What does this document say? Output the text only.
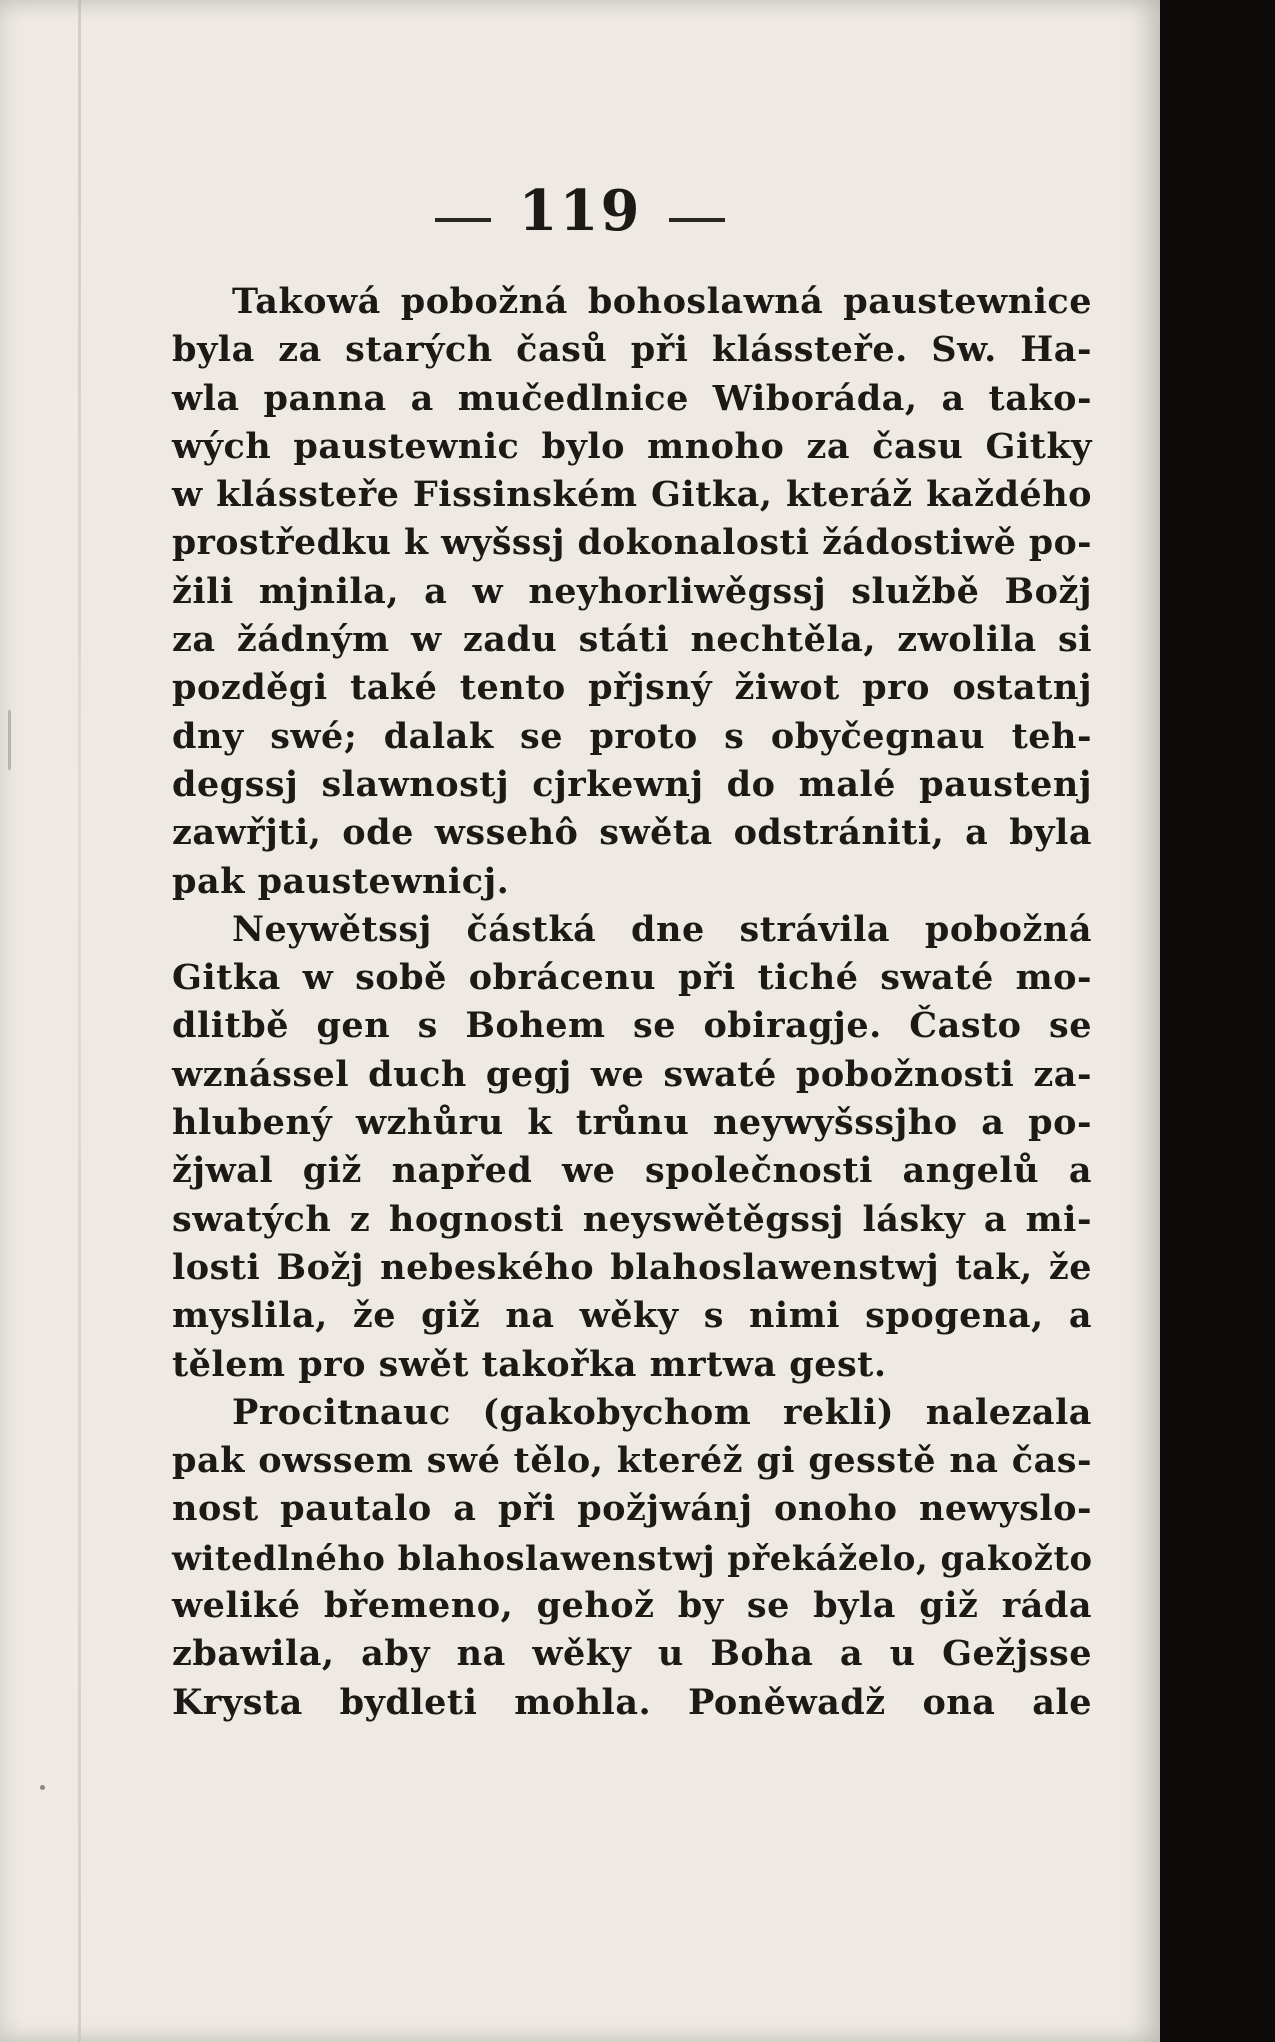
119
Takowá pobožná bohoslawná paustewnice
byla za starých časů při klássteře. Sw. Ha-
wla panna a mučedlnice Wiboráda, a tako-
wých paustewnic bylo mnoho za času Gitky
w klássteře Fissinském Gitka, kteráž každého
prostředku k wyšssj dokonalosti žádostiwě po-
žili mjnila, a w neyhorliwěgssj službě Božj
za žádným w zadu státi nechtěla, zwolila si
pozděgi také tento přjsný žiwot pro ostatnj
dny swé; dalak se proto s obyčegnau teh-
degssj slawnostj cjrkewnj do malé paustenj
zawřjti, ode wssehô swěta odstrániti, a byla
pak paustewnicj.
Neywětssj částká dne strávila pobožná
Gitka w sobě obrácenu při tiché swaté mo-
dlitbě gen s Bohem se obiragje. Často se
wznássel duch gegj we swaté pobožnosti za-
hlubený wzhůru k trůnu neywyšssjho a po-
žjwal giž napřed we společnosti angelů a
swatých z hognosti neyswětěgssj lásky a mi-
losti Božj nebeského blahoslawenstwj tak, že
myslila, že giž na wěky s nimi spogena, a
tělem pro swět takořka mrtwa gest.
Procitnauc (gakobychom rekli) nalezala
pak owssem swé tělo, kteréž gi gesstě na čas-
nost pautalo a při požjwánj onoho newyslo-
witedlného blahoslawenstwj překáželo, gakožto
weliké břemeno, gehož by se byla giž ráda
zbawila, aby na wěky u Boha a u Gežjsse
Krysta bydleti mohla. Poněwadž ona ale
